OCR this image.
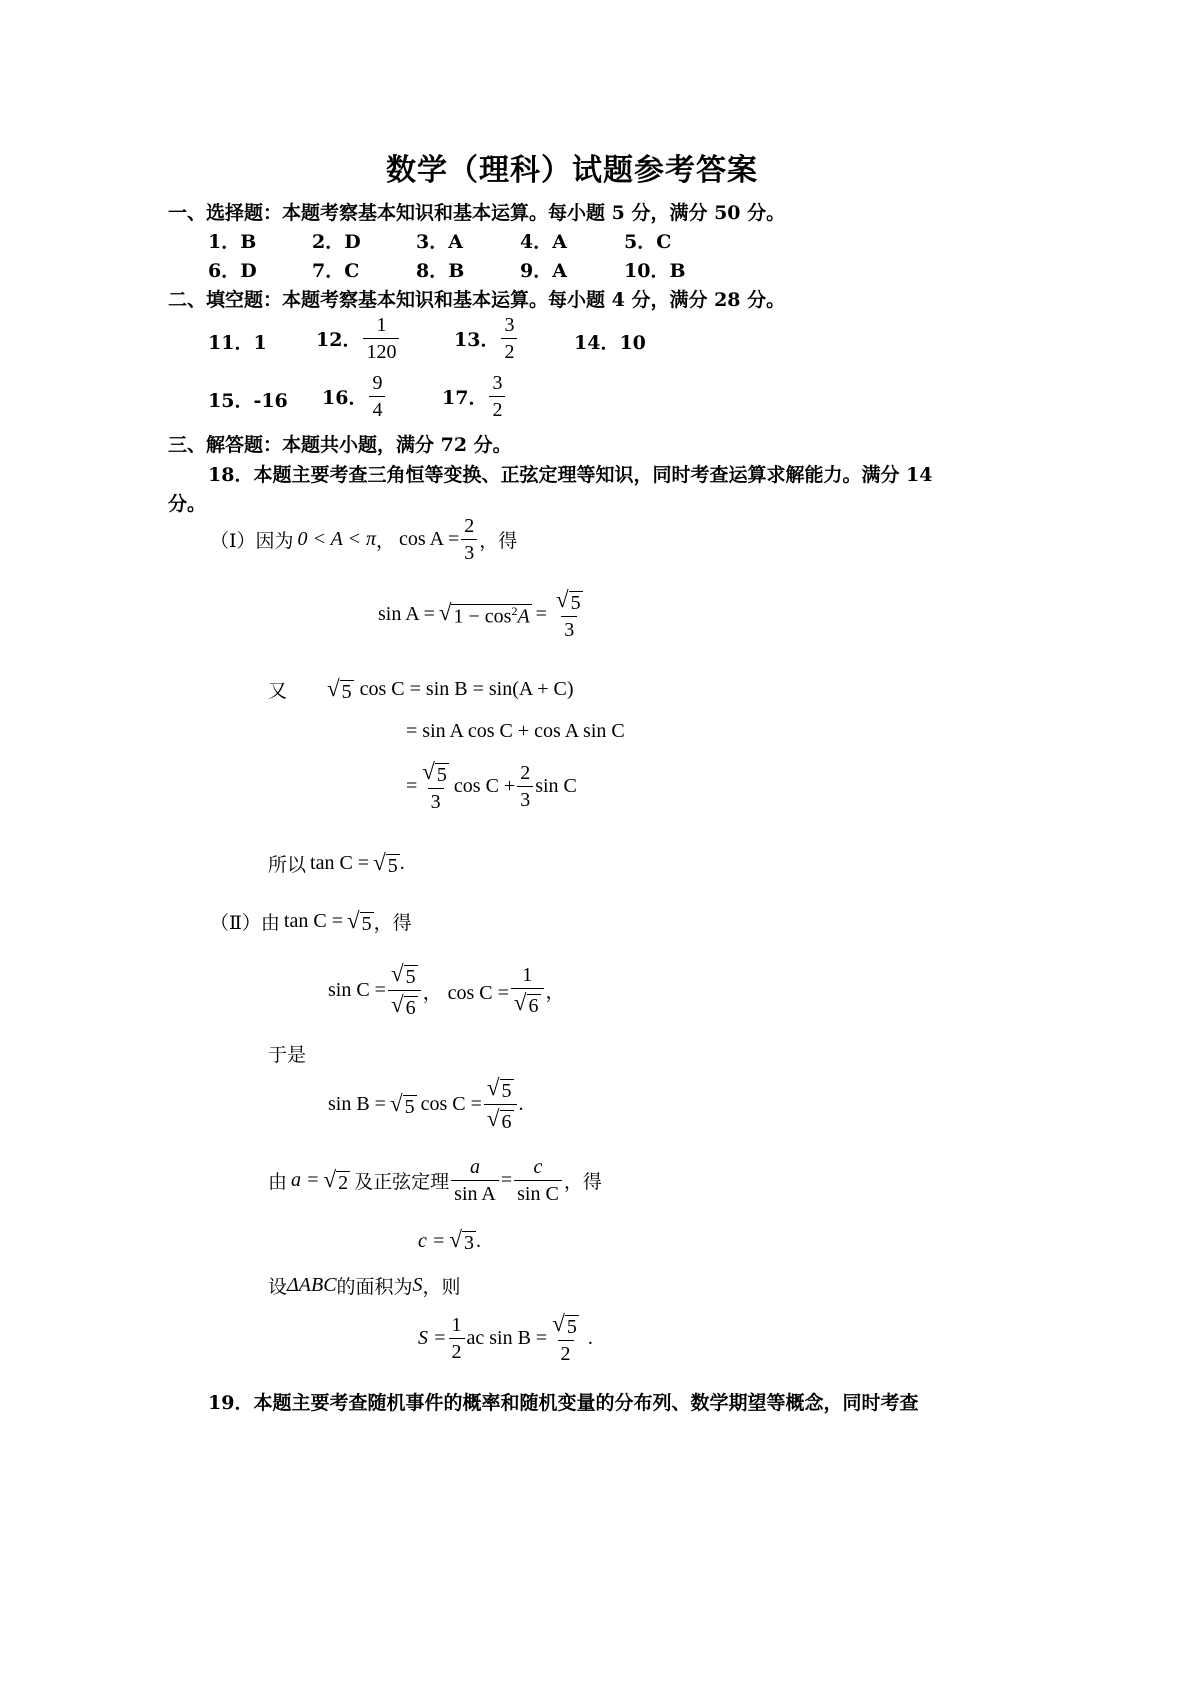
数学（理科）试题参考答案
一、选择题：本题考察基本知识和基本运算。每小题 5 分，满分 50 分。
1．B	2．D	3．A	4．A	5．C
6．D	7．C	8．B	9．A	10．B
二、填空题：本题考察基本知识和基本运算。每小题 4 分，满分 28 分。
11．1	12． $\frac{1}{120}$	13． $\frac{3}{2}$	14．10
15．-16 16． $\frac{9}{4}$	17． $\frac{3}{2}$
三、解答题：本题共小题，满分 72 分。
18．本题主要考查三角恒等变换、正弦定理等知识，同时考查运算求解能力。满分 14
分。
（Ⅰ）因为 0 < A < π ， $\cos A = \frac{2}{3}$ ，得
sin A = √ $1 - \cos^2A = \frac{√ 5}{3}$
又 √ 5 cos C = sin B = sin(A + C)
= sin A cos C + cos A sin C
= $\frac{√ 5}{3}$ $\cos C + \frac{2}{3}$ sin C
所以 tan C = √ 5 .
（Ⅱ）由 tan C = √ 5 ，得
$\sin C = \frac{√ 5}{√ 6}$ ， $\cos C = \frac{1}{√ 6}$ ，
于是
sin B = √ 5 $\cos C = \frac{√ 5}{√ 6}$ .
由 a = √ 2 及正弦定理 $\frac{a}{\text{sin A}} = \frac{c}{\text{sin C}}$ ，得
c = √ 3 .
设 ΔABC 的面积为 S ，则
$S = \frac{1}{2}$ ac $\sin B = \frac{√ 5}{2}$ .
19．本题主要考查随机事件的概率和随机变量的分布列、数学期望等概念，同时考查
